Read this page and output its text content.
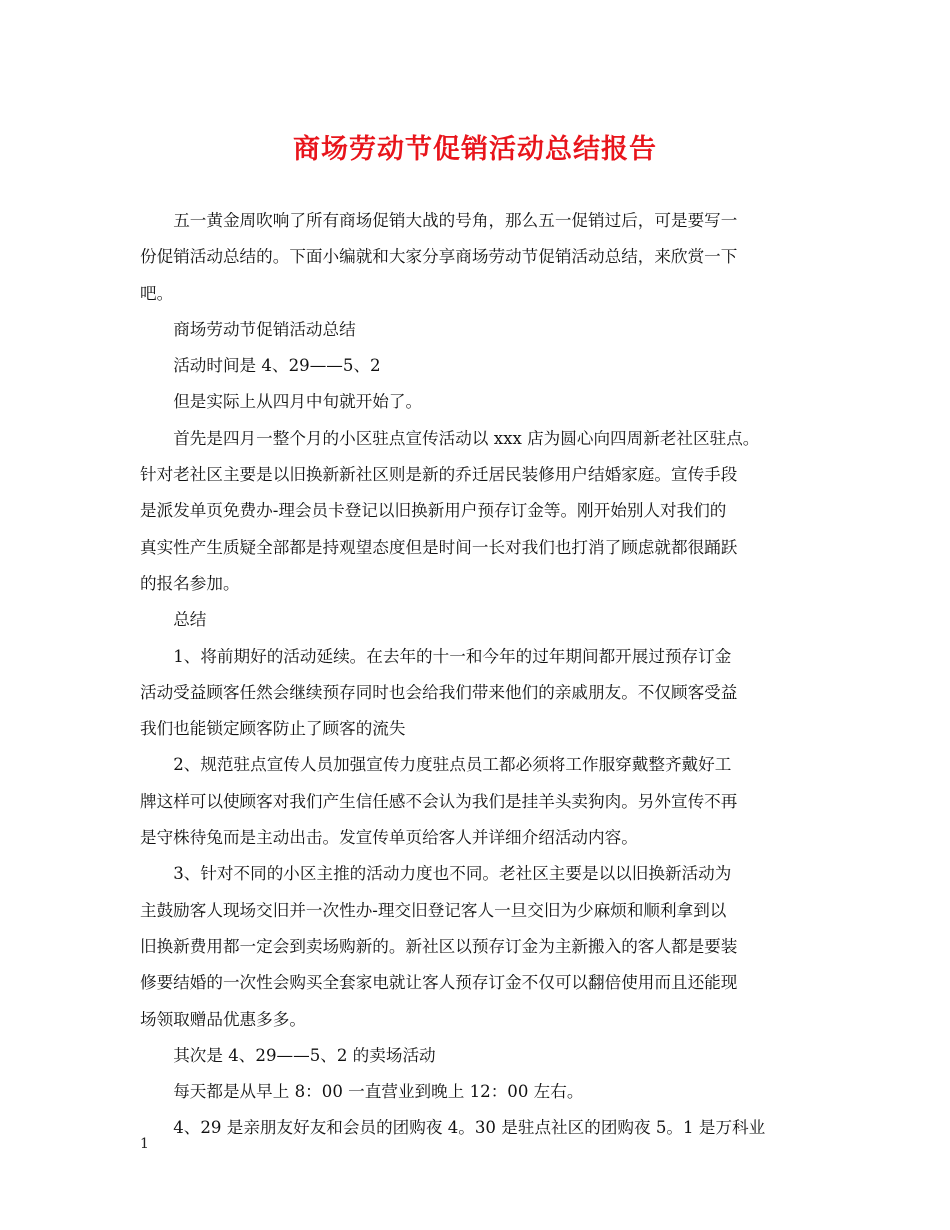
商场劳动节促销活动总结报告

五一黄金周吹响了所有商场促销大战的号角，那么五一促销过后，可是要写一
份促销活动总结的。下面小编就和大家分享商场劳动节促销活动总结，来欣赏一下
吧。

商场劳动节促销活动总结

活动时间是 4、29——5、2

但是实际上从四月中旬就开始了。

首先是四月一整个月的小区驻点宣传活动以 xxx 店为圆心向四周新老社区驻点。
针对老社区主要是以旧换新新社区则是新的乔迁居民装修用户结婚家庭。宣传手段
是派发单页免费办-理会员卡登记以旧换新用户预存订金等。刚开始别人对我们的
真实性产生质疑全部都是持观望态度但是时间一长对我们也打消了顾虑就都很踊跃
的报名参加。

总结

1、将前期好的活动延续。在去年的十一和今年的过年期间都开展过预存订金
活动受益顾客任然会继续预存同时也会给我们带来他们的亲戚朋友。不仅顾客受益
我们也能锁定顾客防止了顾客的流失

2、规范驻点宣传人员加强宣传力度驻点员工都必须将工作服穿戴整齐戴好工
牌这样可以使顾客对我们产生信任感不会认为我们是挂羊头卖狗肉。另外宣传不再
是守株待兔而是主动出击。发宣传单页给客人并详细介绍活动内容。

3、针对不同的小区主推的活动力度也不同。老社区主要是以以旧换新活动为
主鼓励客人现场交旧并一次性办-理交旧登记客人一旦交旧为少麻烦和顺利拿到以
旧换新费用都一定会到卖场购新的。新社区以预存订金为主新搬入的客人都是要装
修要结婚的一次性会购买全套家电就让客人预存订金不仅可以翻倍使用而且还能现
场领取赠品优惠多多。

其次是 4、29——5、2 的卖场活动

每天都是从早上 8：00 一直营业到晚上 12：00 左右。

4、29 是亲朋友好友和会员的团购夜 4。30 是驻点社区的团购夜 5。1 是万科业

1
